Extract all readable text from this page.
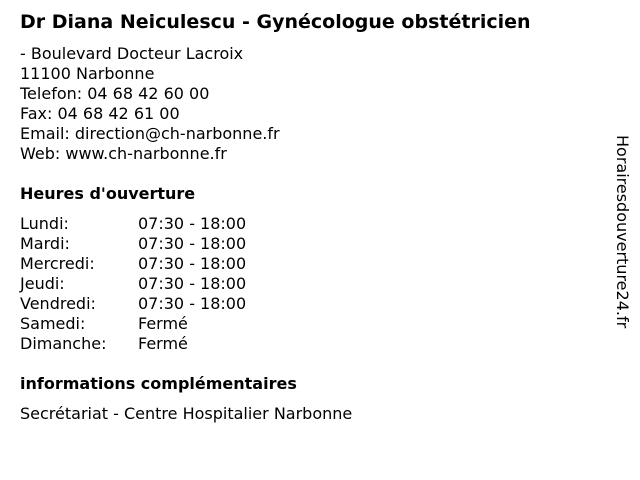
Dr Diana Neiculescu - Gynécologue obstétricien
- Boulevard Docteur Lacroix
11100 Narbonne
Telefon: 04 68 42 60 00
Fax: 04 68 42 61 00
Email: direction@ch-narbonne.fr
Web: www.ch-narbonne.fr
Heures d'ouverture
Lundi:	07:30 - 18:00
Mardi:	07:30 - 18:00
Mercredi:	07:30 - 18:00
Jeudi:	07:30 - 18:00
Vendredi:	07:30 - 18:00
Samedi:	Fermé
Dimanche: Fermé
informations complémentaires
Secrétariat - Centre Hospitalier Narbonne
Horairesdouverture24.fr
